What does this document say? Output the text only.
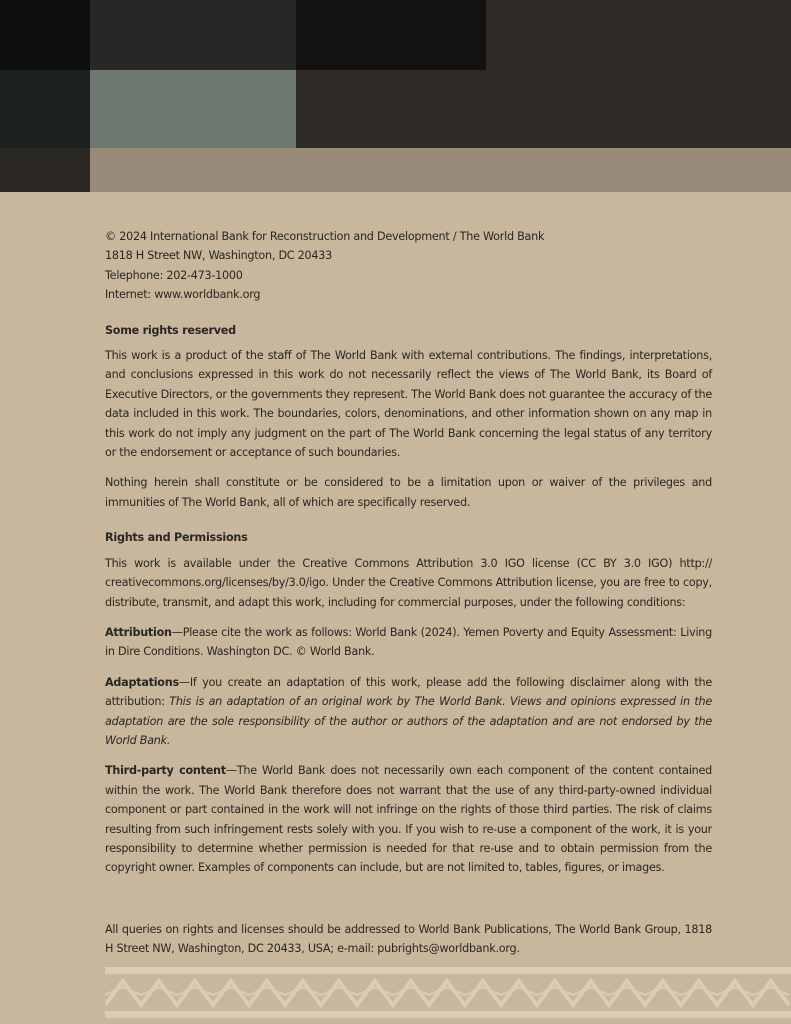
© 2024 International Bank for Reconstruction and Development / The World Bank

1818 H Street NW, Washington, DC 20433

Telephone: 202-473-1000

Internet: www.worldbank.org

Some rights reserved

This work is a product of the staff of The World Bank with external contributions. The findings, interpretations, and conclusions expressed in this work do not necessarily reflect the views of The World Bank, its Board of Executive Directors, or the governments they represent. The World Bank does not guarantee the accuracy of the data included in this work. The boundaries, colors, denominations, and other information shown on any map in this work do not imply any judgment on the part of The World Bank concerning the legal status of any territory or the endorsement or acceptance of such boundaries.

Nothing herein shall constitute or be considered to be a limitation upon or waiver of the privileges and immunities of The World Bank, all of which are specifically reserved.

Rights and Permissions

This work is available under the Creative Commons Attribution 3.0 IGO license (CC BY 3.0 IGO) http:// creativecommons.org/licenses/by/3.0/igo. Under the Creative Commons Attribution license, you are free to copy, distribute, transmit, and adapt this work, including for commercial purposes, under the following conditions:

Attribution—Please cite the work as follows: World Bank (2024). Yemen Poverty and Equity Assessment: Living in Dire Conditions. Washington DC. © World Bank.

Adaptations—If you create an adaptation of this work, please add the following disclaimer along with the attribution: This is an adaptation of an original work by The World Bank. Views and opinions expressed in the adaptation are the sole responsibility of the author or authors of the adaptation and are not endorsed by the World Bank.

Third-party content—The World Bank does not necessarily own each component of the content contained within the work. The World Bank therefore does not warrant that the use of any third-party-owned individual component or part contained in the work will not infringe on the rights of those third parties. The risk of claims resulting from such infringement rests solely with you. If you wish to re-use a component of the work, it is your responsibility to determine whether permission is needed for that re-use and to obtain permission from the copyright owner. Examples of components can include, but are not limited to, tables, figures, or images.

All queries on rights and licenses should be addressed to World Bank Publications, The World Bank Group, 1818 H Street NW, Washington, DC 20433, USA; e-mail: pubrights@worldbank.org.
